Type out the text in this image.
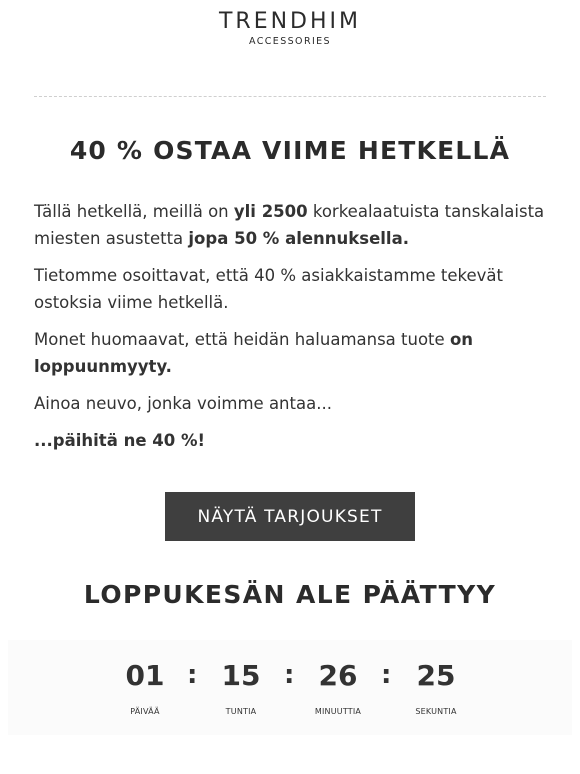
TRENDHIM
ACCESSORIES
40 % OSTAA VIIME HETKELLÄ

Tällä hetkellä, meillä on yli 2500 korkealaatuista tanskalaista miesten asustetta jopa 50 % alennuksella.

Tietomme osoittavat, että 40 % asiakkaistamme tekevät ostoksia viime hetkellä.

Monet huomaavat, että heidän haluamansa tuote on loppuunmyyty.

Ainoa neuvo, jonka voimme antaa...

...päihitä ne 40 %!

NÄYTÄ TARJOUKSET
LOPPUKESÄN ALE PÄÄTTYY
01
PÄIVÄÄ
: 15
TUNTIA
: 26
MINUUTTIA
: 25
SEKUNTIA
